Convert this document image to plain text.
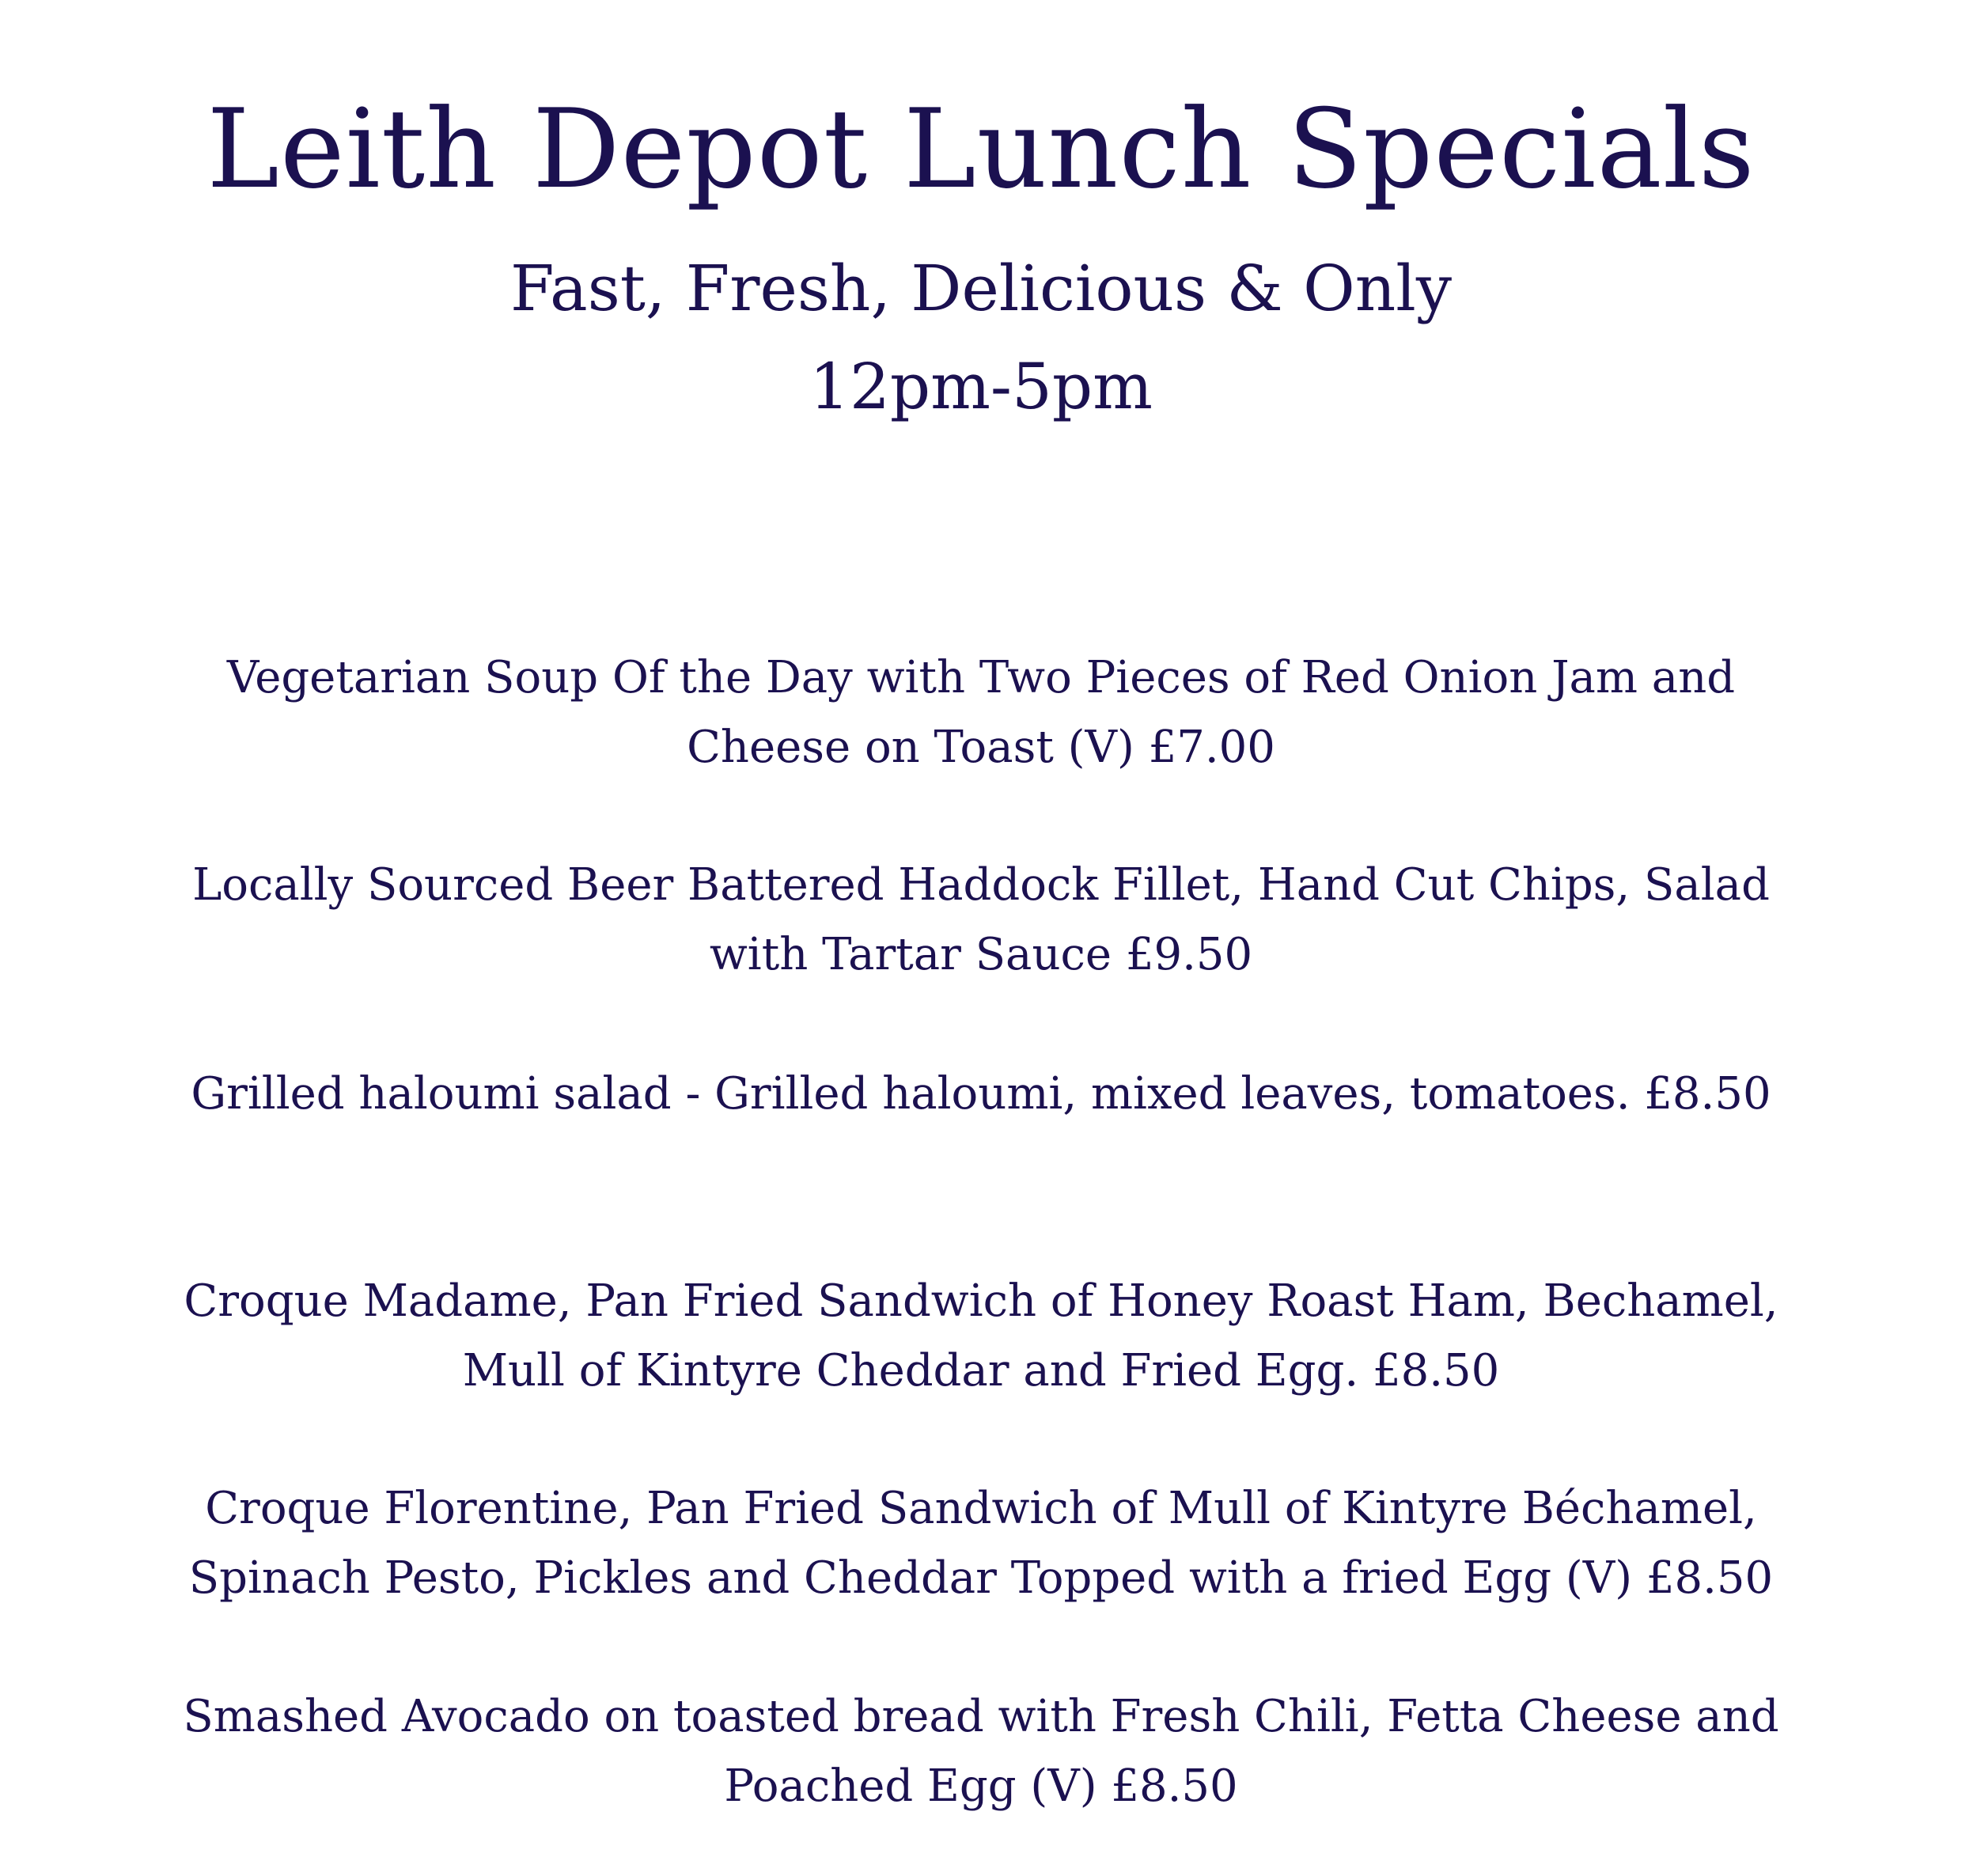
Leith Depot Lunch Specials
Fast, Fresh, Delicious & Only
12pm-5pm
Vegetarian Soup Of the Day with Two Pieces of Red Onion Jam and
Cheese on Toast (V) £7.00
Locally Sourced Beer Battered Haddock Fillet, Hand Cut Chips, Salad
with Tartar Sauce £9.50
Grilled haloumi salad - Grilled haloumi, mixed leaves, tomatoes. £8.50
Croque Madame, Pan Fried Sandwich of Honey Roast Ham, Bechamel,
Mull of Kintyre Cheddar and Fried Egg. £8.50
Croque Florentine, Pan Fried Sandwich of Mull of Kintyre Béchamel,
Spinach Pesto, Pickles and Cheddar Topped with a fried Egg (V) £8.50
Smashed Avocado on toasted bread with Fresh Chili, Fetta Cheese and
Poached Egg (V) £8.50
